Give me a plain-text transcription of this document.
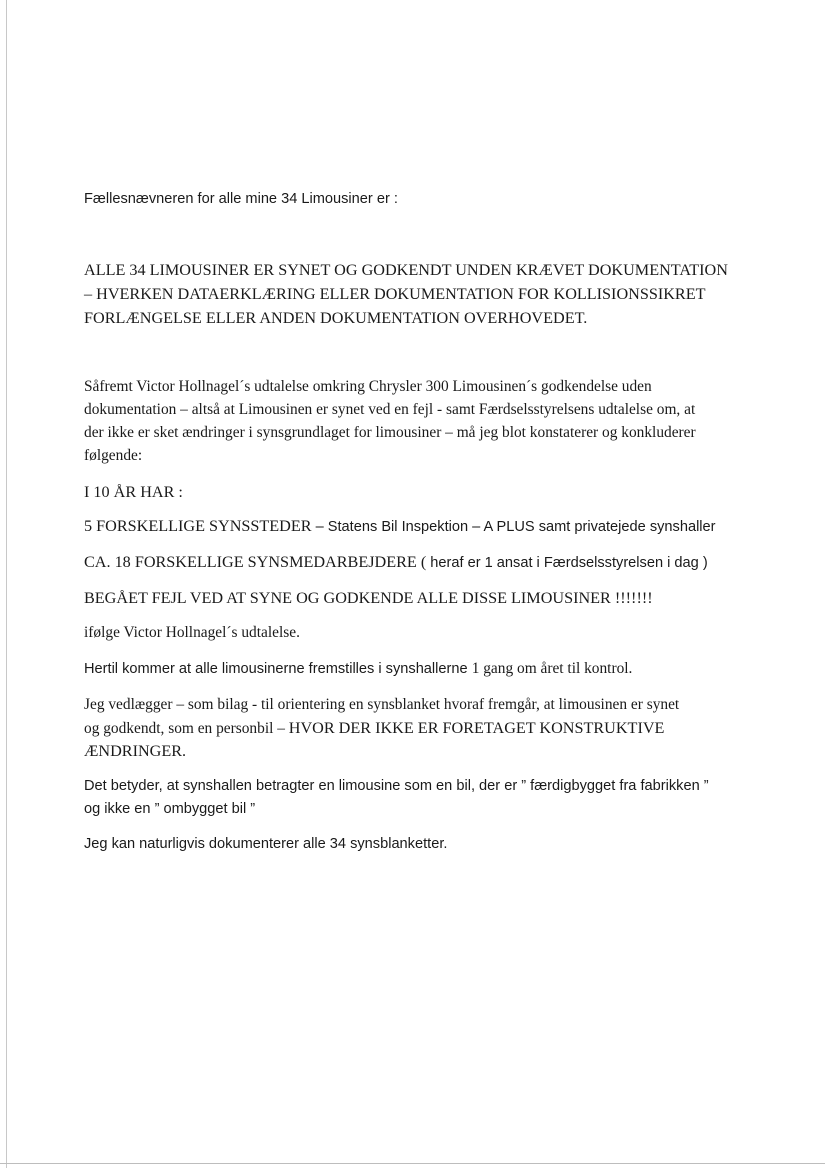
Fællesnævneren for alle mine 34 Limousiner er :
ALLE 34 LIMOUSINER ER SYNET OG GODKENDT UNDEN KRÆVET DOKUMENTATION
– HVERKEN DATAERKLÆRING ELLER DOKUMENTATION FOR KOLLISIONSSIKRET
FORLÆNGELSE ELLER ANDEN DOKUMENTATION OVERHOVEDET.
Såfremt Victor Hollnagel´s udtalelse omkring Chrysler 300 Limousinen´s godkendelse uden
dokumentation – altså at Limousinen er synet ved en fejl - samt Færdselsstyrelsens udtalelse om, at
der ikke er sket ændringer i synsgrundlaget for limousiner – må jeg blot konstaterer og konkluderer
følgende:
I 10 ÅR HAR :
5 FORSKELLIGE SYNSSTEDER – Statens Bil Inspektion – A PLUS samt privatejede synshaller
CA. 18 FORSKELLIGE SYNSMEDARBEJDERE ( heraf er 1 ansat i Færdselsstyrelsen i dag )
BEGÅET FEJL VED AT SYNE OG GODKENDE ALLE DISSE LIMOUSINER !!!!!!!
ifølge Victor Hollnagel´s udtalelse.
Hertil kommer at alle limousinerne fremstilles i synshallerne 1 gang om året til kontrol.
Jeg vedlægger – som bilag - til orientering en synsblanket hvoraf fremgår, at limousinen er synet
og godkendt, som en personbil – HVOR DER IKKE ER FORETAGET KONSTRUKTIVE
ÆNDRINGER.
Det betyder, at synshallen betragter en limousine som en bil, der er ” færdigbygget fra fabrikken ”
og ikke en ” ombygget bil ”
Jeg kan naturligvis dokumenterer alle 34 synsblanketter.
